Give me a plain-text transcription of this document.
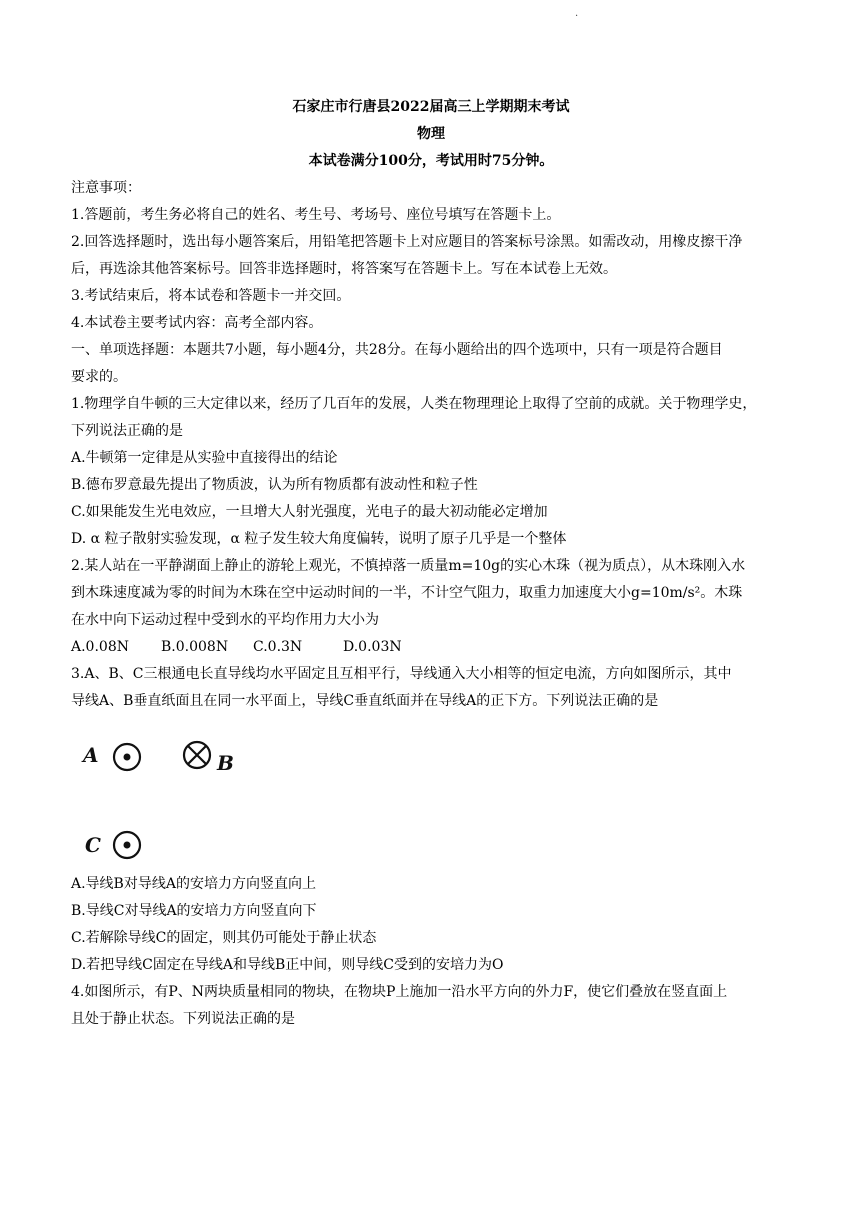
.
石家庄市行唐县2022届高三上学期期末考试
物理
本试卷满分100分，考试用时75分钟。

注意事项：

1.答题前，考生务必将自己的姓名、考生号、考场号、座位号填写在答题卡上。

2.回答选择题时，选出每小题答案后，用铅笔把答题卡上对应题目的答案标号涂黑。如需改动，用橡皮擦干净

后，再选涂其他答案标号。回答非选择题时，将答案写在答题卡上。写在本试卷上无效。

3.考试结束后，将本试卷和答题卡一并交回。

4.本试卷主要考试内容：高考全部内容。

一、单项选择题：本题共7小题，每小题4分，共28分。在每小题给出的四个选项中，只有一项是符合题目

要求的。

1.物理学自牛顿的三大定律以来，经历了几百年的发展，人类在物理理论上取得了空前的成就。关于物理学史，

下列说法正确的是

A.牛顿第一定律是从实验中直接得出的结论

B.德布罗意最先提出了物质波，认为所有物质都有波动性和粒子性

C.如果能发生光电效应，一旦增大人射光强度，光电子的最大初动能必定增加

D. α 粒子散射实验发现，α 粒子发生较大角度偏转，说明了原子几乎是一个整体

2.某人站在一平静湖面上静止的游轮上观光，不慎掉落一质量m=10g的实心木珠（视为质点），从木珠刚入水

到木珠速度减为零的时间为木珠在空中运动时间的一半，不计空气阻力，取重力加速度大小g=10m/s²。木珠

在水中向下运动过程中受到水的平均作用力大小为

A.0.08N	B.0.008N	C.0.3N	D.0.03N

3.A、B、C三根通电长直导线均水平固定且互相平行，导线通入大小相等的恒定电流，方向如图所示，其中

导线A、B垂直纸面且在同一水平面上，导线C垂直纸面并在导线A的正下方。下列说法正确的是

A	B
C

A.导线B对导线A的安培力方向竖直向上

B.导线C对导线A的安培力方向竖直向下

C.若解除导线C的固定，则其仍可能处于静止状态

D.若把导线C固定在导线A和导线B正中间，则导线C受到的安培力为O

4.如图所示，有P、N两块质量相同的物块，在物块P上施加一沿水平方向的外力F，使它们叠放在竖直面上

且处于静止状态。下列说法正确的是
